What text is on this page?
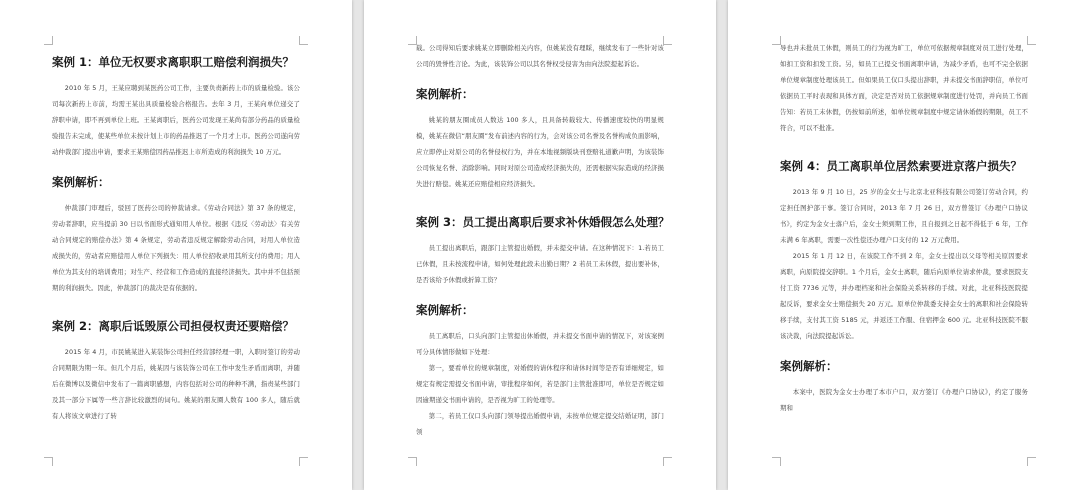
案例 1：单位无权要求离职职工赔偿利润损失？

2010 年 5 月，王某应聘到某医药公司工作，主要负责新药上市的质量检验。该公司每次新药上市前，均需王某出具质量检验合格报告。去年 3 月，王某向单位递交了辞职申请，即不再到单位上班。王某离职后，医药公司发现王某尚有部分药品的质量检验报告未完成，使某些单位未按计划上市的药品推迟了一个月才上市。医药公司遂向劳动仲裁部门提出申请，要求王某赔偿因药品推迟上市所造成的利润损失 10 万元。

案例解析：

仲裁部门审理后，驳回了医药公司的仲裁请求。《劳动合同法》第 37 条的规定，劳动者辞职，应当提前 30 日以书面形式通知用人单位。根据《违反〈劳动法〉有关劳动合同规定的赔偿办法》第 4 条规定，劳动者违反规定解除劳动合同，对用人单位造成损失的，劳动者应赔偿用人单位下列损失：用人单位招收录用其所支付的费用；用人单位为其支付的培训费用；对生产、经营和工作造成的直接经济损失。其中并不包括预期的利润损失。因此，仲裁部门的裁决是有依据的。

案例 2：离职后诋毁原公司担侵权责还要赔偿？

2015 年 4 月，市民姚某进入某装饰公司担任经营部经理一职，入职时签订的劳动合同期限为期一年。但几个月后，姚某因与该装饰公司在工作中发生矛盾而离职，并随后在微博以及微信中发布了一篇离职感想，内容包括对公司的种种不满，指责某些部门及其一部分下属等一些言辞比较激烈的词句。姚某的朋友圈人数有 100 多人，随后就有人将该文章进行了转

载。公司得知后要求姚某立即删除相关内容，但姚某没有理睬，继续发布了一些针对该公司的毁誉性言论。为此，该装饰公司以其名誉权受侵害为由向法院提起诉讼。

案例解析：

姚某的朋友圈成员人数达 100 多人，且具备转载较大、传播速度较快的明显规模，姚某在微信“朋友圈”发布前述内容的行为，会对该公司名誉及名誉构成负面影响，应立即停止对原公司的名誉侵权行为，并在本地视频版块刊登赔礼道歉声明，为该装饰公司恢复名誉、消除影响。同时对原公司造成经济损失的，还需根据实际造成的经济损失进行赔偿。姚某还应赔偿相应经济损失。

案例 3：员工提出离职后要求补休婚假怎么处理？

员工提出离职后，跟部门主管提出婚假，并未提交申请。在这种情况下：1.若员工已休假，且未按流程申请，如何处理此段未出勤日期？2 若员工未休假，提出要补休，是否该给予休假或折算工资？

案例解析：

员工离职后，口头向部门主管提出休婚假，并未提交书面申请的情况下，对该案例可分具体情形做如下处理：

第一，要看单位的规章制度，对婚假的请休程序和请休时间等是否有详细规定，如规定有规定需提交书面申请，审批程序如何，若是部门主管批准即可，单位是否规定如因逾期递交书面申请的，是否视为旷工的处理等。

第二，若员工仅口头向部门领导提出婚假申请，未按单位规定提交结婚证明，部门领

导也并未批员工休假，则员工的行为视为旷工，单位可依据规章制度对员工进行处理，如扣工资和扣发工资。另，如员工已提交书面离职申请，为减少矛盾，也可不完全依据单位规章制度处理该员工。但如果员工仅口头提出辞职，并未提交书面辞职信，单位可依据员工平时表现和具体方面，决定是否对员工依据规章制度进行处罚，并向员工书面告知：若员工未休假，仍按如前所述，如单位规章制度中规定请休婚假的期限，员工不符合，可以不批准。

案例 4：员工离职单位居然索要进京落户损失？

2013 年 9 月 10 日，25 岁的金女士与北京北亚科技有限公司签订劳动合同，约定担任图护部干事。签订合同时，2013 年 7 月 26 日，双方曾签订《办理户口协议书》，约定为金女士落户后，金女士须到期工作，且自报到之日起不得低于 6 年，工作未满 6 年离职，需要一次性偿还办理户口支付的 12 万元费用。

2015 年 1 月 12 日，在该院工作不到 2 年，金女士提出以父母等相关原因要求离职，向原院提交辞职。1 个月后，金女士离职，随后向原单位请求仲裁，要求医院支付工资 7736 元等，并办理档案和社会保险关系转移的手续。对此，北亚科技医院提起反诉，要求金女士赔偿损失 20 万元。原单位仲裁委支持金女士的离职和社会保险转移手续，支付其工资 5185 元，并返还工作服、住宿押金 600 元。北亚科技医院不服该决裁，向法院提起诉讼。

案例解析：

本案中，医院为金女士办理了本市户口，双方签订《办理户口协议》，约定了服务期和
